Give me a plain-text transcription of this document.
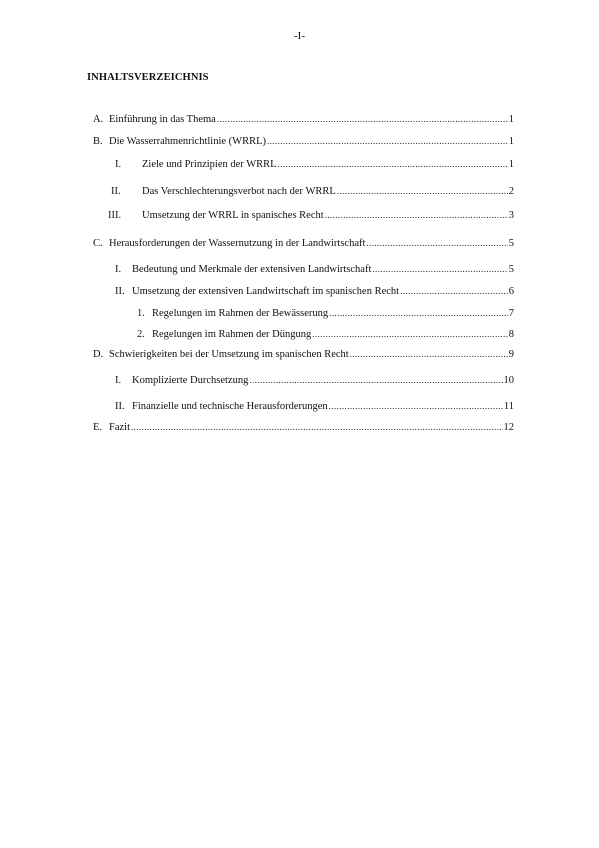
-I-
INHALTSVERZEICHNIS
A. Einführung in das Thema .....	1
B. Die Wasserrahmenrichtlinie (WRRL) .....	1
I.	Ziele und Prinzipien der WRRL .....	1
II.	Das Verschlechterungsverbot nach der WRRL .....	2
III.	Umsetzung der WRRL in spanisches Recht .....	3
C. Herausforderungen der Wassernutzung in der Landwirtschaft .....	5
I.	Bedeutung und Merkmale der extensiven Landwirtschaft .....	5
II. Umsetzung der extensiven Landwirtschaft im spanischen Recht .....	6
1. Regelungen im Rahmen der Bewässerung .....	7
2. Regelungen im Rahmen der Düngung .....	8
D. Schwierigkeiten bei der Umsetzung im spanischen Recht .....	9
I.	Komplizierte Durchsetzung .....	10
II. Finanzielle und technische Herausforderungen .....	11
E. Fazit .....	12
